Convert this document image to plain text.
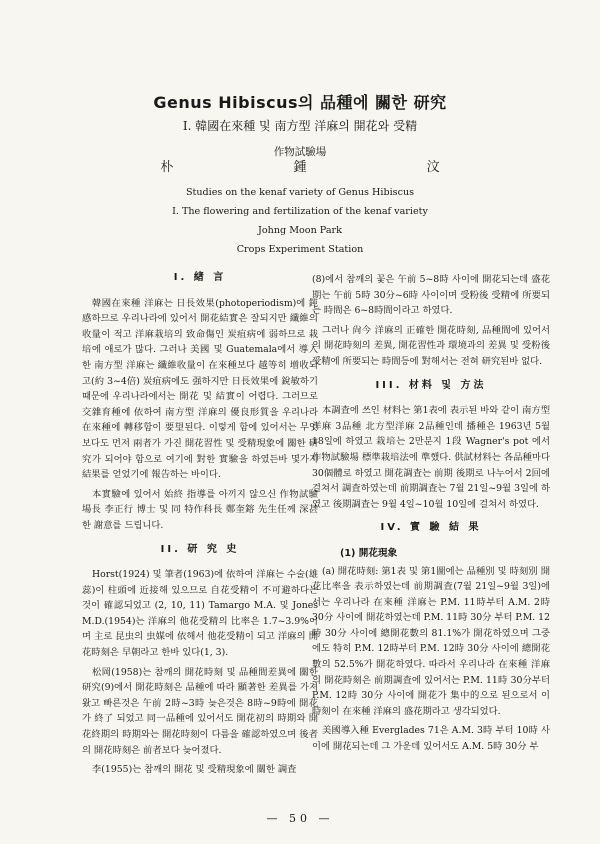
Genus Hibiscus의 品種에 關한 研究
I. 韓國在來種 및 南方型 洋麻의 開花와 受精
作物試驗場
朴 鍾 汶
Studies on the kenaf variety of Genus Hibiscus
I. The flowering and fertilization of the kenaf variety
Johng Moon Park
Crops Experiment Station
I. 緖 言

韓國在來種 洋麻는 日長效果(photoperiodism)에 鈍感하므로 우리나라에 있어서 開花結實은 잘되지만 纖維의 收量이 적고 洋麻栽培의 致命傷인 炭疽病에 弱하므로 栽培에 애로가 많다. 그러나 美國 및 Guatemala에서 導入한 南方型 洋麻는 纖維收量이 在來種보다 越等히 增收되고(約 3~4倍) 炭疽病에도 强하지만 日長效果에 銳敏하기 때문에 우리나라에서는 開花 및 結實이 어렵다. 그러므로 交雜育種에 依하여 南方型 洋麻의 優良形質을 우리나라 在來種에 轉移함이 要望된다. 이렇게 함에 있어서는 무엇보다도 먼저 兩者가 가진 開花習性 및 受精現象에 關한 研究가 되어야 함으로 여기에 對한 實驗을 하였든바 몇가지 結果를 얻었기에 報告하는 바이다.

本實驗에 있어서 始終 指導를 아끼지 않으신 作物試驗場長 李正行 博士 및 同 特作科長 鄭奎鎔 先生任께 深甚한 謝意를 드립니다.

II. 研 究 史

Horst(1924) 및 筆者(1963)에 依하여 洋麻는 수술(雄蕊)이 柱頭에 近接해 있으므로 自花受精이 不可避하다는 것이 確認되었고 (2, 10, 11) Tamargo M.A. 및 Jones M.D.(1954)는 洋麻의 他花受精의 比率은 1.7~3.9%이며 主로 昆虫의 虫媒에 依해서 他花受精이 되고 洋麻의 開花時刻은 早朝라고 한바 있다(1, 3).

松岡(1958)는 참깨의 開花時刻 및 品種間差異에 關한 研究(9)에서 開花時刻은 品種에 따라 顯著한 差異를 가져왔고 빠른것은 午前 2時~3時 늦은것은 8時~9時에 開花가 終了 되었고 同一品種에 있어서도 開花初의 時期와 開花終期의 時期와는 開花時刻이 다름을 確認하였으며 後者의 開花時刻은 前者보다 늦어졌다.

李(1955)는 참깨의 開花 및 受精現象에 關한 調査

(8)에서 참깨의 꽃은 午前 5~8時 사이에 開花되는데 盛花期는 午前 5時 30分~6時 사이이며 受粉後 受精에 所要되는 時間은 6~8時間이라고 하였다.

그러나 尙今 洋麻의 正確한 開花時刻, 品種間에 있어서의 開花時刻의 差異, 開花習性과 環境과의 差異 및 受粉後 受精에 所要되는 時間등에 對해서는 전혀 研究된바 없다.

III. 材料 및 方法

本調査에 쓰인 材料는 第1表에 表示된 바와 같이 南方型 洋麻 3品種 北方型洋麻 2品種인데 播種은 1963년 5월 18일에 하였고 栽培는 2만분지 1段 Wagner's pot 에서 作物試驗場 標準栽培法에 準했다. 供試材料는 各品種마다 30個體로 하였고 開花調査는 前期 後期로 나누어서 2回에 걸쳐서 調査하였는데 前期調査는 7월 21일~9월 3일에 하였고 後期調査는 9월 4일~10월 10일에 걸쳐서 하였다.

IV. 實 驗 結 果
(1) 開花現象

(a) 開花時刻: 第1表 및 第1圖에는 品種別 및 時刻別 開花比率을 表示하였는데 前期調査(7월 21일~9월 3일)에서는 우리나라 在來種 洋麻는 P.M. 11時부터 A.M. 2時 30分 사이에 開花하였는데 P.M. 11時 30分 부터 P.M. 12時 30分 사이에 總開花數의 81.1%가 開花하였으며 그중에도 特히 P.M. 12時부터 P.M. 12時 30分 사이에 總開花數의 52.5%가 開花하였다. 따라서 우리나라 在來種 洋麻의 開花時刻은 前期調査에 있어서는 P.M. 11時 30分부터 P.M. 12時 30分 사이에 開花가 集中的으로 된으로서 이 時刻이 在來種 洋麻의 盛花期라고 생각되었다.

美國導入種 Everglades 71은 A.M. 3時 부터 10時 사이에 開花되는데 그 가운데 있어서도 A.M. 5時 30分 부

— 50 —
